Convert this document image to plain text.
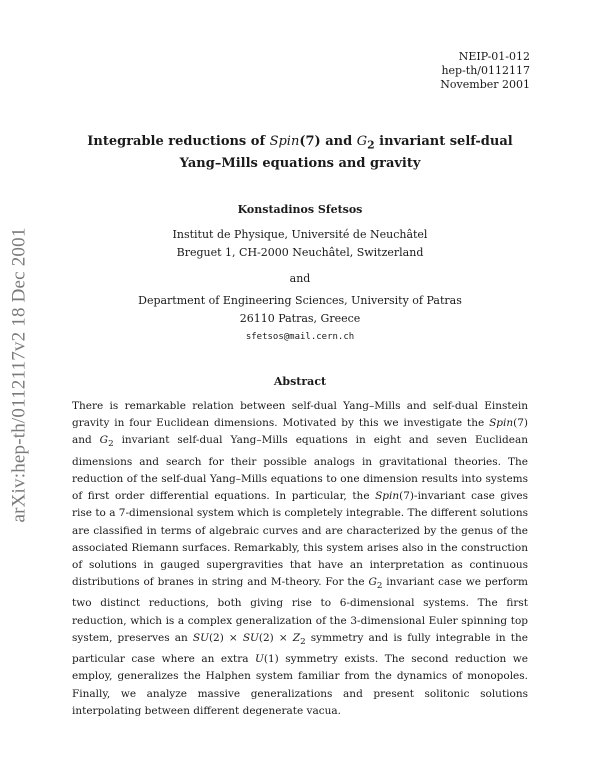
NEIP-01-012
hep-th/0112117
November 2001
arXiv:hep-th/0112117v2 18 Dec 2001
Integrable reductions of Spin(7) and $G_2$ invariant self-dual
Yang–Mills equations and gravity
Konstadinos Sfetsos
Institut de Physique, Université de Neuchâtel
Breguet 1, CH-2000 Neuchâtel, Switzerland
and
Department of Engineering Sciences, University of Patras
26110 Patras, Greece
sfetsos@mail.cern.ch
Abstract

There is remarkable relation between self-dual Yang–Mills and self-dual Einstein gravity in four Euclidean dimensions. Motivated by this we investigate the Spin(7) and $G_2$ invariant self-dual Yang–Mills equations in eight and seven Euclidean dimensions and search for their possible analogs in gravitational theories. The reduction of the self-dual Yang–Mills equations to one dimension results into systems of first order differential equations. In particular, the Spin(7)-invariant case gives rise to a 7-dimensional system which is completely integrable. The different solutions are classified in terms of algebraic curves and are characterized by the genus of the associated Riemann surfaces. Remarkably, this system arises also in the construction of solutions in gauged supergravities that have an interpretation as continuous distributions of branes in string and M-theory. For the $G_2$ invariant case we perform two distinct reductions, both giving rise to 6-dimensional systems. The first reduction, which is a complex generalization of the 3-dimensional Euler spinning top system, preserves an $SU(2) \times SU(2) \times Z_2$ symmetry and is fully integrable in the particular case where an extra U(1) symmetry exists. The second reduction we employ, generalizes the Halphen system familiar from the dynamics of monopoles. Finally, we analyze massive generalizations and present solitonic solutions interpolating between different degenerate vacua.
